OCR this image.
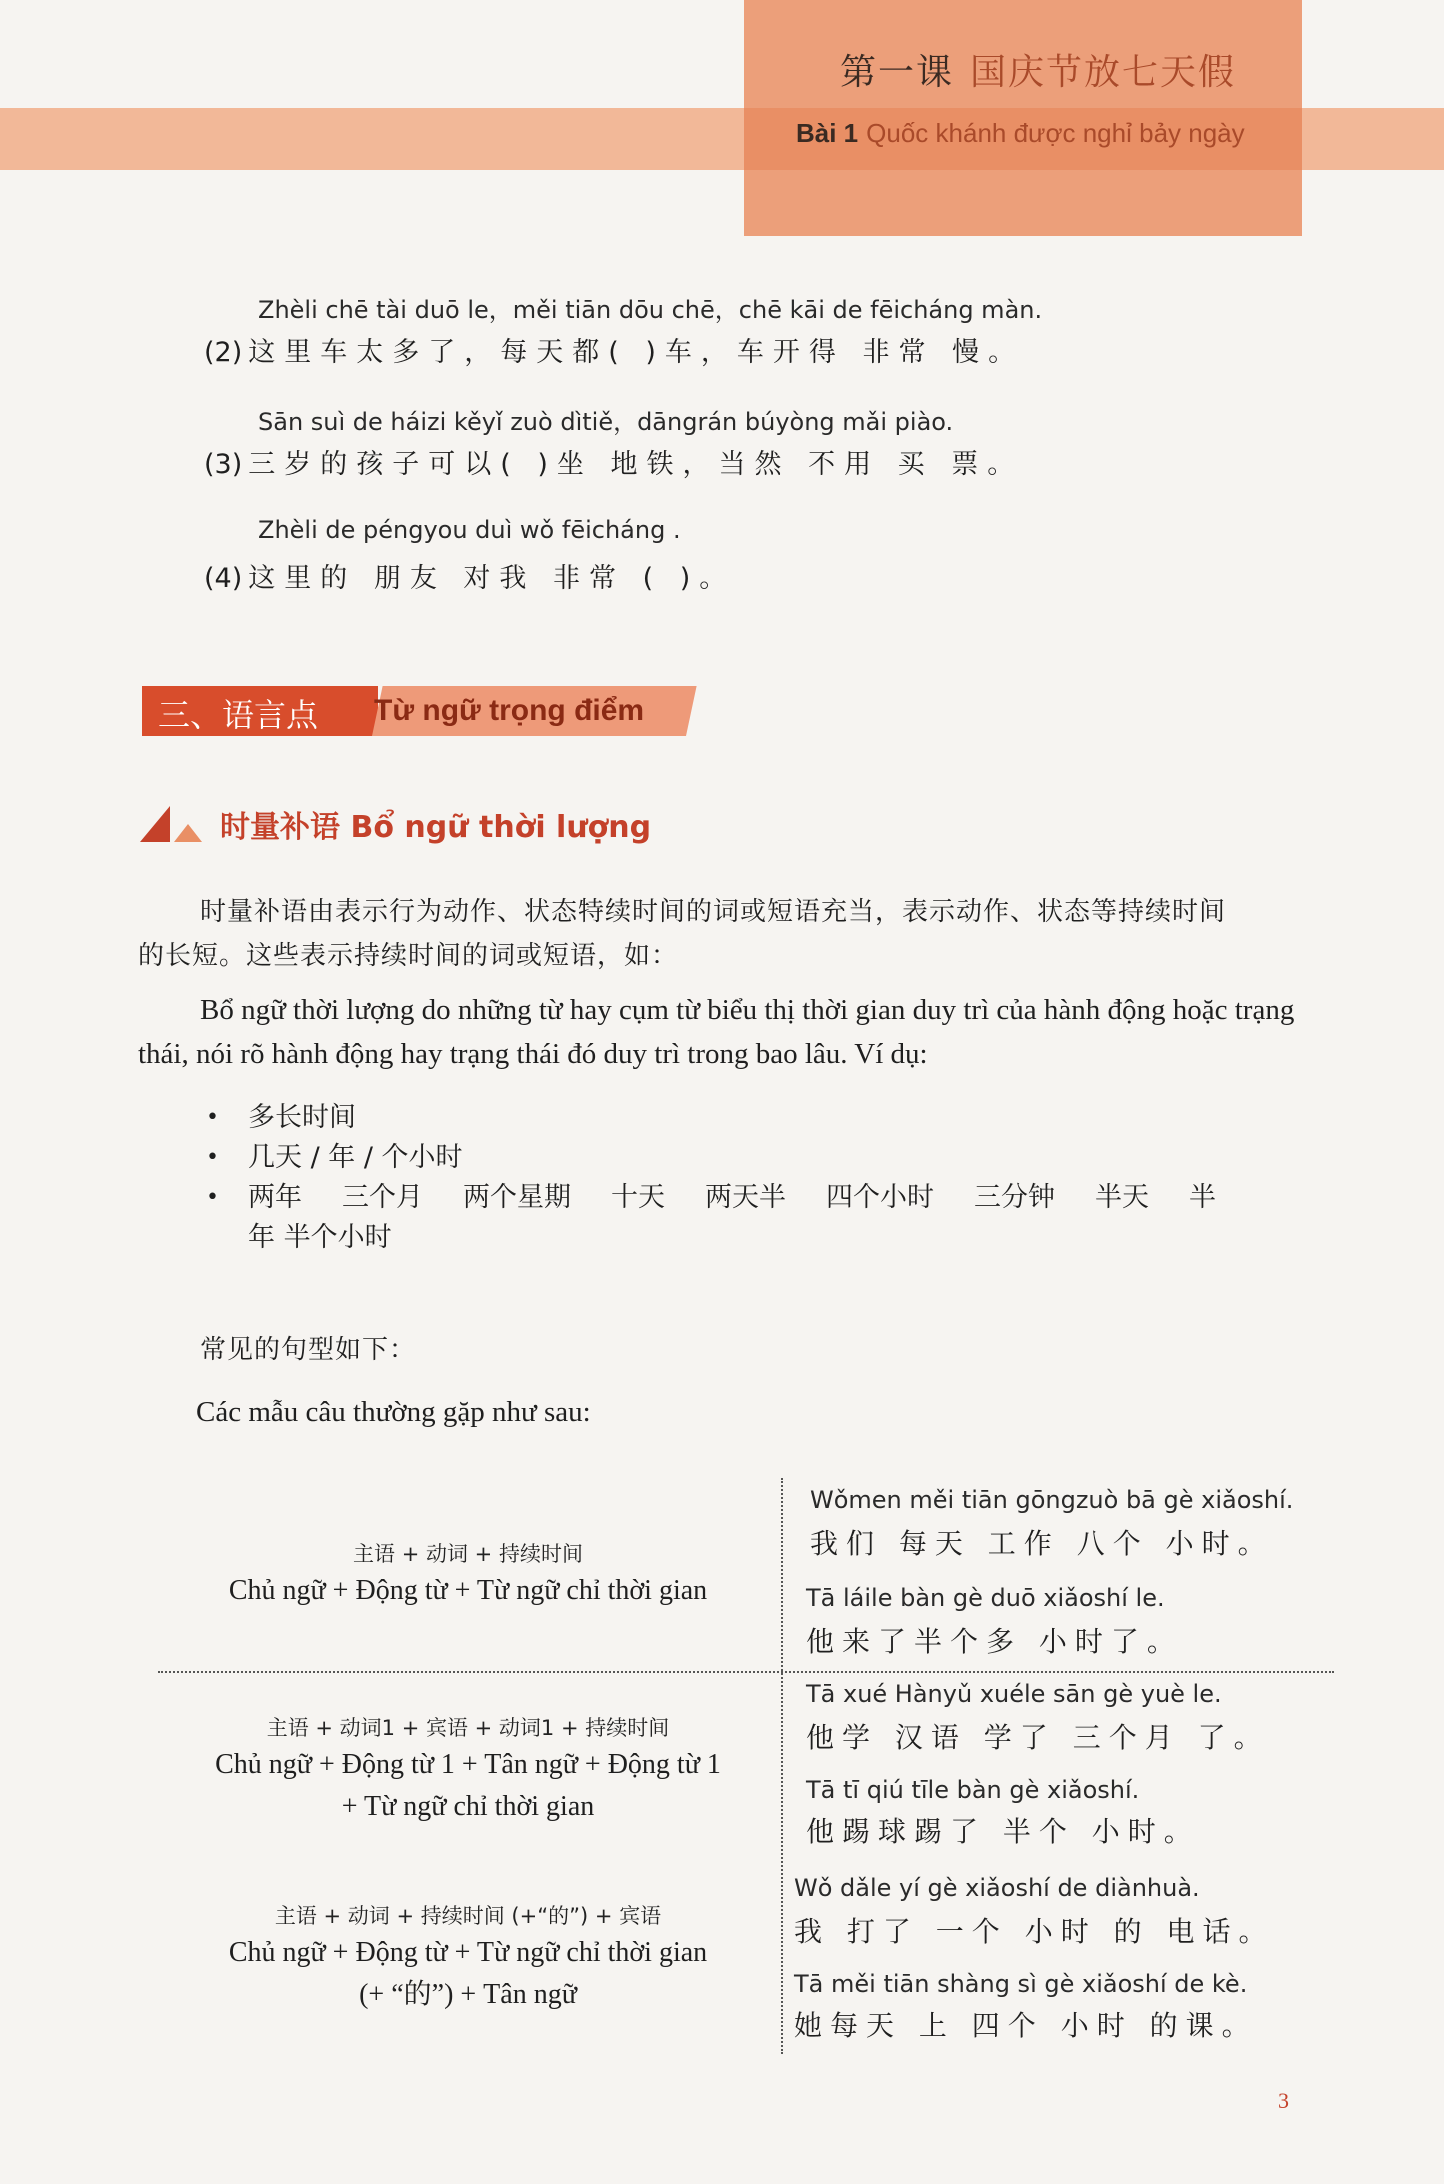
第一课 国庆节放七天假
Bài 1 Quốc khánh được nghỉ bảy ngày
Zhèli chē tài duō le，měi tiān dōu chē，chē kāi de fēicháng màn.
(2) 这里车太多了，每天都( )车，车开得 非常 慢。
Sān suì de háizi kěyǐ zuò dìtiě，dāngrán búyòng mǎi piào.
(3) 三岁的孩子可以( )坐 地铁，当然 不用 买 票。
Zhèli de péngyou duì wǒ fēicháng .
(4) 这里的 朋友 对我 非常 ( )。
三、语言点 Từ ngữ trọng điểm
时量补语 Bổ ngữ thời lượng
时量补语由表示行为动作、状态特续时间的词或短语充当，表示动作、状态等持续时间
的长短。这些表示持续时间的词或短语，如：
Bổ ngữ thời lượng do những từ hay cụm từ biểu thị thời gian duy trì của hành động hoặc trạng
thái, nói rõ hành động hay trạng thái đó duy trì trong bao lâu. Ví dụ:
• 多长时间
• 几天 / 年 / 个小时
• 两年 三个月 两个星期 十天 两天半 四个小时 三分钟 半天 半
年 半个小时
常见的句型如下：
Các mẫu câu thường gặp như sau:
主语 + 动词 + 持续时间
Chủ ngữ + Động từ + Từ ngữ chỉ thời gian
Wǒmen měi tiān gōngzuò bā gè xiǎoshí.
我们 每天 工作 八个 小时。
Tā láile bàn gè duō xiǎoshí le.
他来了半个多 小时了。
主语 + 动词1 + 宾语 + 动词1 + 持续时间
Chủ ngữ + Động từ 1 + Tân ngữ + Động từ 1
+ Từ ngữ chỉ thời gian
Tā xué Hànyǔ xuéle sān gè yuè le.
他学 汉语 学了 三个月 了。
Tā tī qiú tīle bàn gè xiǎoshí.
他踢球踢了 半个 小时。
主语 + 动词 + 持续时间 (+“的”) + 宾语
Chủ ngữ + Động từ + Từ ngữ chỉ thời gian
(+ “的”) + Tân ngữ
Wǒ dǎle yí gè xiǎoshí de diànhuà.
我 打了 一个 小时 的 电话。
Tā měi tiān shàng sì gè xiǎoshí de kè.
她每天 上 四个 小时 的课。
3
